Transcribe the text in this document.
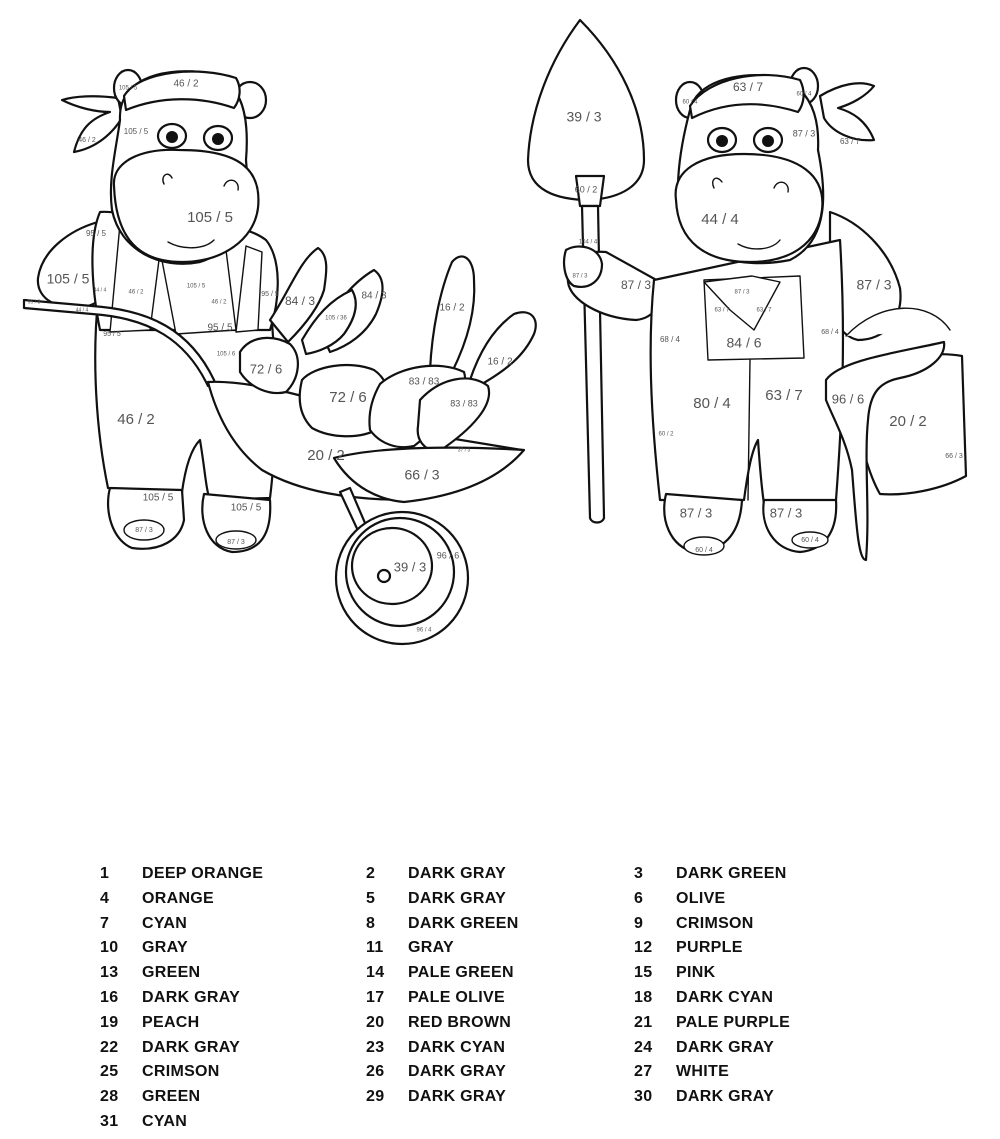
46 / 2
105 / 5
46 / 2
105 / 5
105 / 5
95 / 5
105 / 5
95 / 5
46 / 2
105 / 5
46 / 2
95 / 5
95 / 5
105 / 6
95 / 5
46 / 2
105 / 5
105 / 5
87 / 3
87 / 3
44 / 4
44 / 4
84 / 3	84 / 3
105 / 36
72 / 6
72 / 6
16 / 2
16 / 2
83 / 83
83 / 83
37 / 3
20 / 2
66 / 3
39 / 3
96 / 6
96 / 4
39 / 3
60 / 2
104 / 4
63 / 7
60 / 4
60 / 4
63 / 7
87 / 3
44 / 4
87 / 3
87 / 3	87 / 3
87 / 3
63 / 7	63 / 7
68 / 4
68 / 4
84 / 6
80 / 4 63 / 7
60 / 2
87 / 3	87 / 3
60 / 4
60 / 4
96 / 6
20 / 2
66 / 3
1 DEEP ORANGE	2 DARK GRAY	3 DARK GREEN
4 ORANGE	5 DARK GRAY	6 OLIVE
7 CYAN	8 DARK GREEN	9 CRIMSON
10 GRAY	11 GRAY	12 PURPLE
13 GREEN	14 PALE GREEN	15 PINK
16 DARK GRAY	17 PALE OLIVE	18 DARK CYAN
19 PEACH	20 RED BROWN	21 PALE PURPLE
22 DARK GRAY	23 DARK CYAN	24 DARK GRAY
25 CRIMSON	26 DARK GRAY	27 WHITE
28 GREEN	29 DARK GRAY	30 DARK GRAY
31 CYAN
